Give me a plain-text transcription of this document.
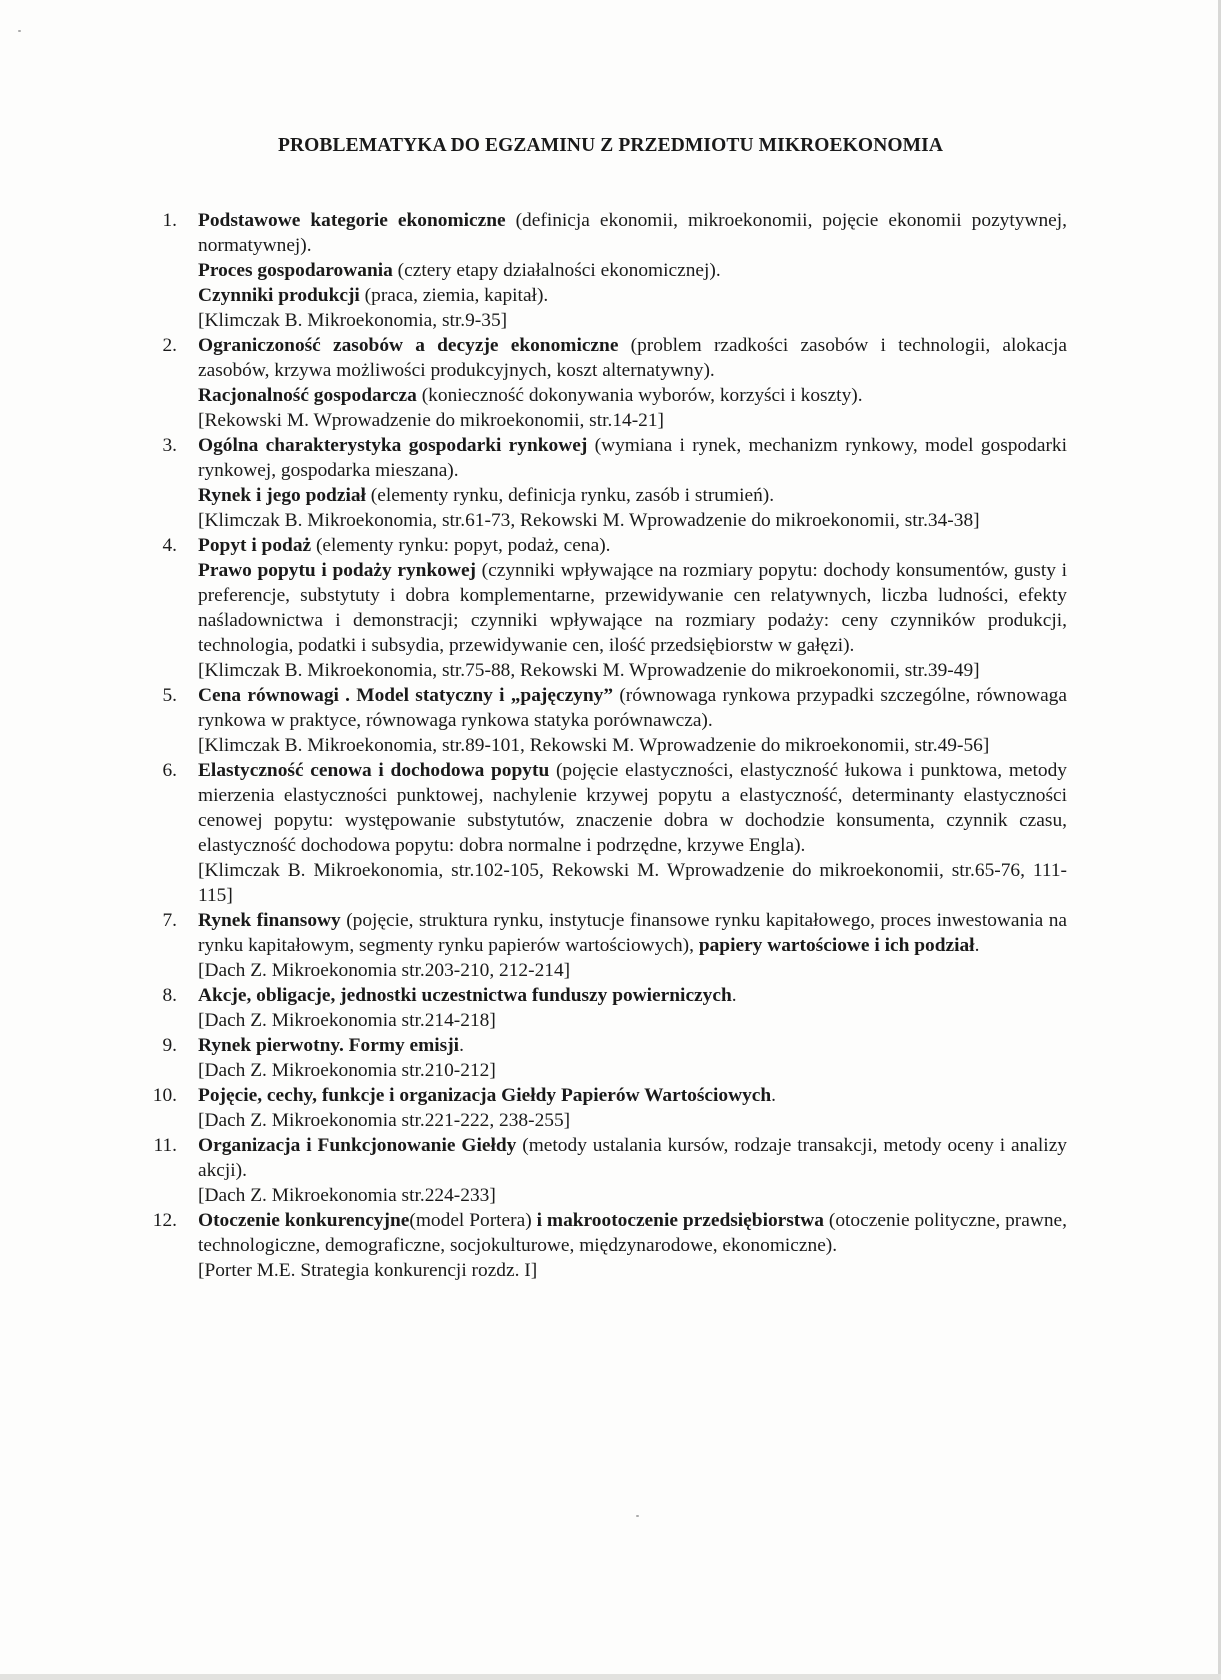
PROBLEMATYKA DO EGZAMINU Z PRZEDMIOTU MIKROEKONOMIA
1. Podstawowe kategorie ekonomiczne (definicja ekonomii, mikroekonomii, pojęcie ekonomii pozytywnej, normatywnej).

Proces gospodarowania (cztery etapy działalności ekonomicznej).

Czynniki produkcji (praca, ziemia, kapitał).

[Klimczak B. Mikroekonomia, str.9-35]

2. Ograniczoność zasobów a decyzje ekonomiczne (problem rzadkości zasobów i technologii, alokacja zasobów, krzywa możliwości produkcyjnych, koszt alternatywny).

Racjonalność gospodarcza (konieczność dokonywania wyborów, korzyści i koszty).

[Rekowski M. Wprowadzenie do mikroekonomii, str.14-21]

3. Ogólna charakterystyka gospodarki rynkowej (wymiana i rynek, mechanizm rynkowy, model gospodarki rynkowej, gospodarka mieszana).

Rynek i jego podział (elementy rynku, definicja rynku, zasób i strumień).

[Klimczak B. Mikroekonomia, str.61-73, Rekowski M. Wprowadzenie do mikroekonomii, str.34-38]

4. Popyt i podaż (elementy rynku: popyt, podaż, cena).

Prawo popytu i podaży rynkowej (czynniki wpływające na rozmiary popytu: dochody konsumentów, gusty i preferencje, substytuty i dobra komplementarne, przewidywanie cen relatywnych, liczba ludności, efekty naśladownictwa i demonstracji; czynniki wpływające na rozmiary podaży: ceny czynników produkcji, technologia, podatki i subsydia, przewidywanie cen, ilość przedsiębiorstw w gałęzi).

[Klimczak B. Mikroekonomia, str.75-88, Rekowski M. Wprowadzenie do mikroekonomii, str.39-49]

5. Cena równowagi . Model statyczny i „pajęczyny” (równowaga rynkowa przypadki szczególne, równowaga rynkowa w praktyce, równowaga rynkowa statyka porównawcza).

[Klimczak B. Mikroekonomia, str.89-101, Rekowski M. Wprowadzenie do mikroekonomii, str.49-56]

6. Elastyczność cenowa i dochodowa popytu (pojęcie elastyczności, elastyczność łukowa i punktowa, metody mierzenia elastyczności punktowej, nachylenie krzywej popytu a elastyczność, determinanty elastyczności cenowej popytu: występowanie substytutów, znaczenie dobra w dochodzie konsumenta, czynnik czasu, elastyczność dochodowa popytu: dobra normalne i podrzędne, krzywe Engla).

[Klimczak B. Mikroekonomia, str.102-105, Rekowski M. Wprowadzenie do mikroekonomii, str.65-76, 111-115]

7. Rynek finansowy (pojęcie, struktura rynku, instytucje finansowe rynku kapitałowego, proces inwestowania na rynku kapitałowym, segmenty rynku papierów wartościowych), papiery wartościowe i ich podział.

[Dach Z. Mikroekonomia str.203-210, 212-214]

8. Akcje, obligacje, jednostki uczestnictwa funduszy powierniczych.

[Dach Z. Mikroekonomia str.214-218]

9. Rynek pierwotny. Formy emisji.

[Dach Z. Mikroekonomia str.210-212]

10. Pojęcie, cechy, funkcje i organizacja Giełdy Papierów Wartościowych.

[Dach Z. Mikroekonomia str.221-222, 238-255]

11. Organizacja i Funkcjonowanie Giełdy (metody ustalania kursów, rodzaje transakcji, metody oceny i analizy akcji).

[Dach Z. Mikroekonomia str.224-233]

12. Otoczenie konkurencyjne(model Portera) i makrootoczenie przedsiębiorstwa (otoczenie polityczne, prawne, technologiczne, demograficzne, socjokulturowe, międzynarodowe, ekonomiczne).

[Porter M.E. Strategia konkurencji rozdz. I]
